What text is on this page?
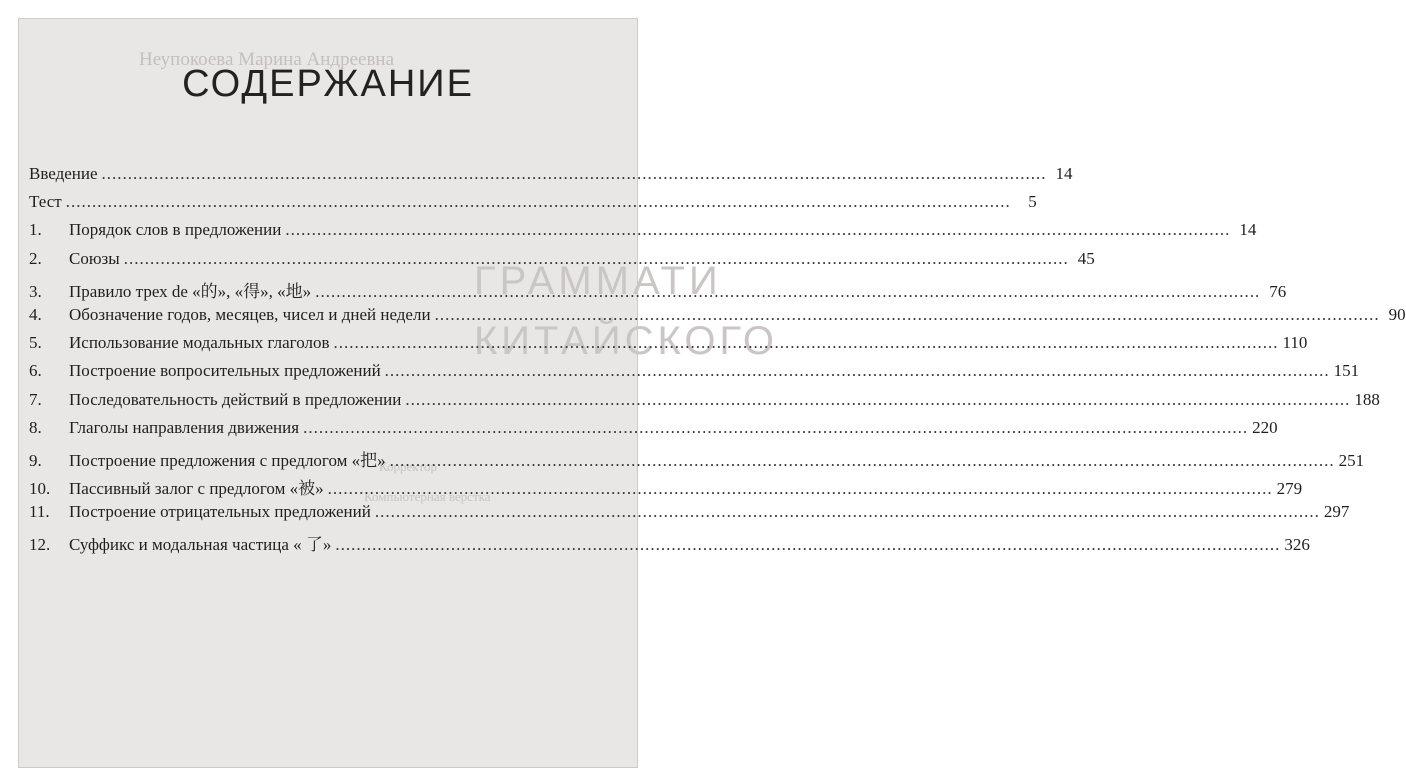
Неупокоева Марина Андреевна
ГРАММАТИ
КИТАЙСКОГО
Корректор
Компьютерная верстка
СОДЕРЖАНИЕ
Введение .....	14
Тест .....	5
1.	Порядок слов в предложении .....	14
2.	Союзы .....	45
3.	Правило трех de «的», «得», «地» .....	76
4.	Обозначение годов, месяцев, чисел и дней недели .....	90
5.	Использование модальных глаголов .....	110
6.	Построение вопросительных предложений .....	151
7.	Последовательность действий в предложении .....	188
8.	Глаголы направления движения .....	220
9.	Построение предложения с предлогом «把» .....	251
10.	Пассивный залог с предлогом «被» .....	279
11.	Построение отрицательных предложений .....	297
12.	Суффикс и модальная частица « 了» .....	326
